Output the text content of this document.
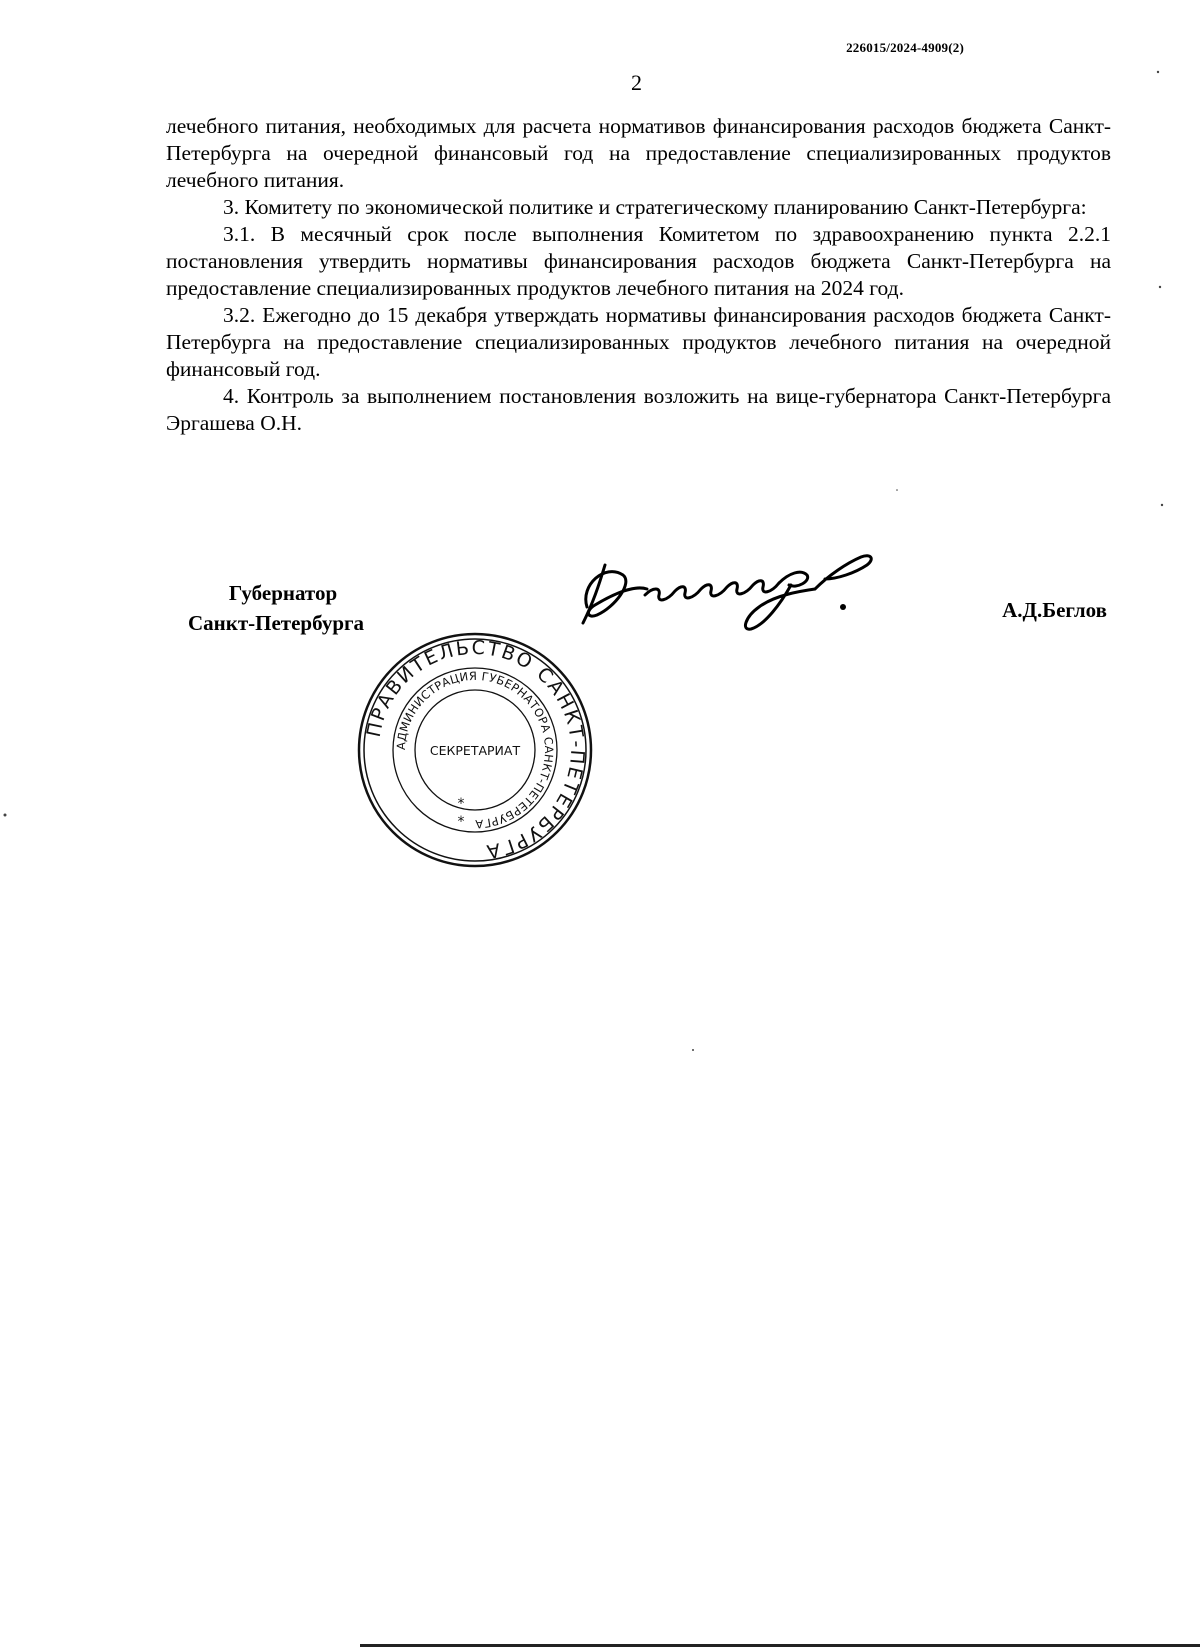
226015/2024-4909(2)
2

лечебного питания, необходимых для расчета нормативов финансирования расходов бюджета Санкт-Петербурга на очередной финансовый год на предоставление специализированных продуктов лечебного питания.

3. Комитету по экономической политике и стратегическому планированию Санкт-Петербурга:

3.1. В месячный срок после выполнения Комитетом по здравоохранению пункта 2.2.1 постановления утвердить нормативы финансирования расходов бюджета Санкт-Петербурга на предоставление специализированных продуктов лечебного питания на 2024 год.

3.2. Ежегодно до 15 декабря утверждать нормативы финансирования расходов бюджета Санкт-Петербурга на предоставление специализированных продуктов лечебного питания на очередной финансовый год.

4. Контроль за выполнением постановления возложить на вице-губернатора Санкт-Петербурга Эргашева О.Н.

Губернатор
Санкт-Петербурга
А.Д.Беглов
ПРАВИТЕЛЬСТВО САНКТ-ПЕТЕРБУРГА
АДМИНИСТРАЦИЯ ГУБЕРНАТОРА САНКТ-ПЕТЕРБУРГА
СЕКРЕТАРИАТ
*
*
